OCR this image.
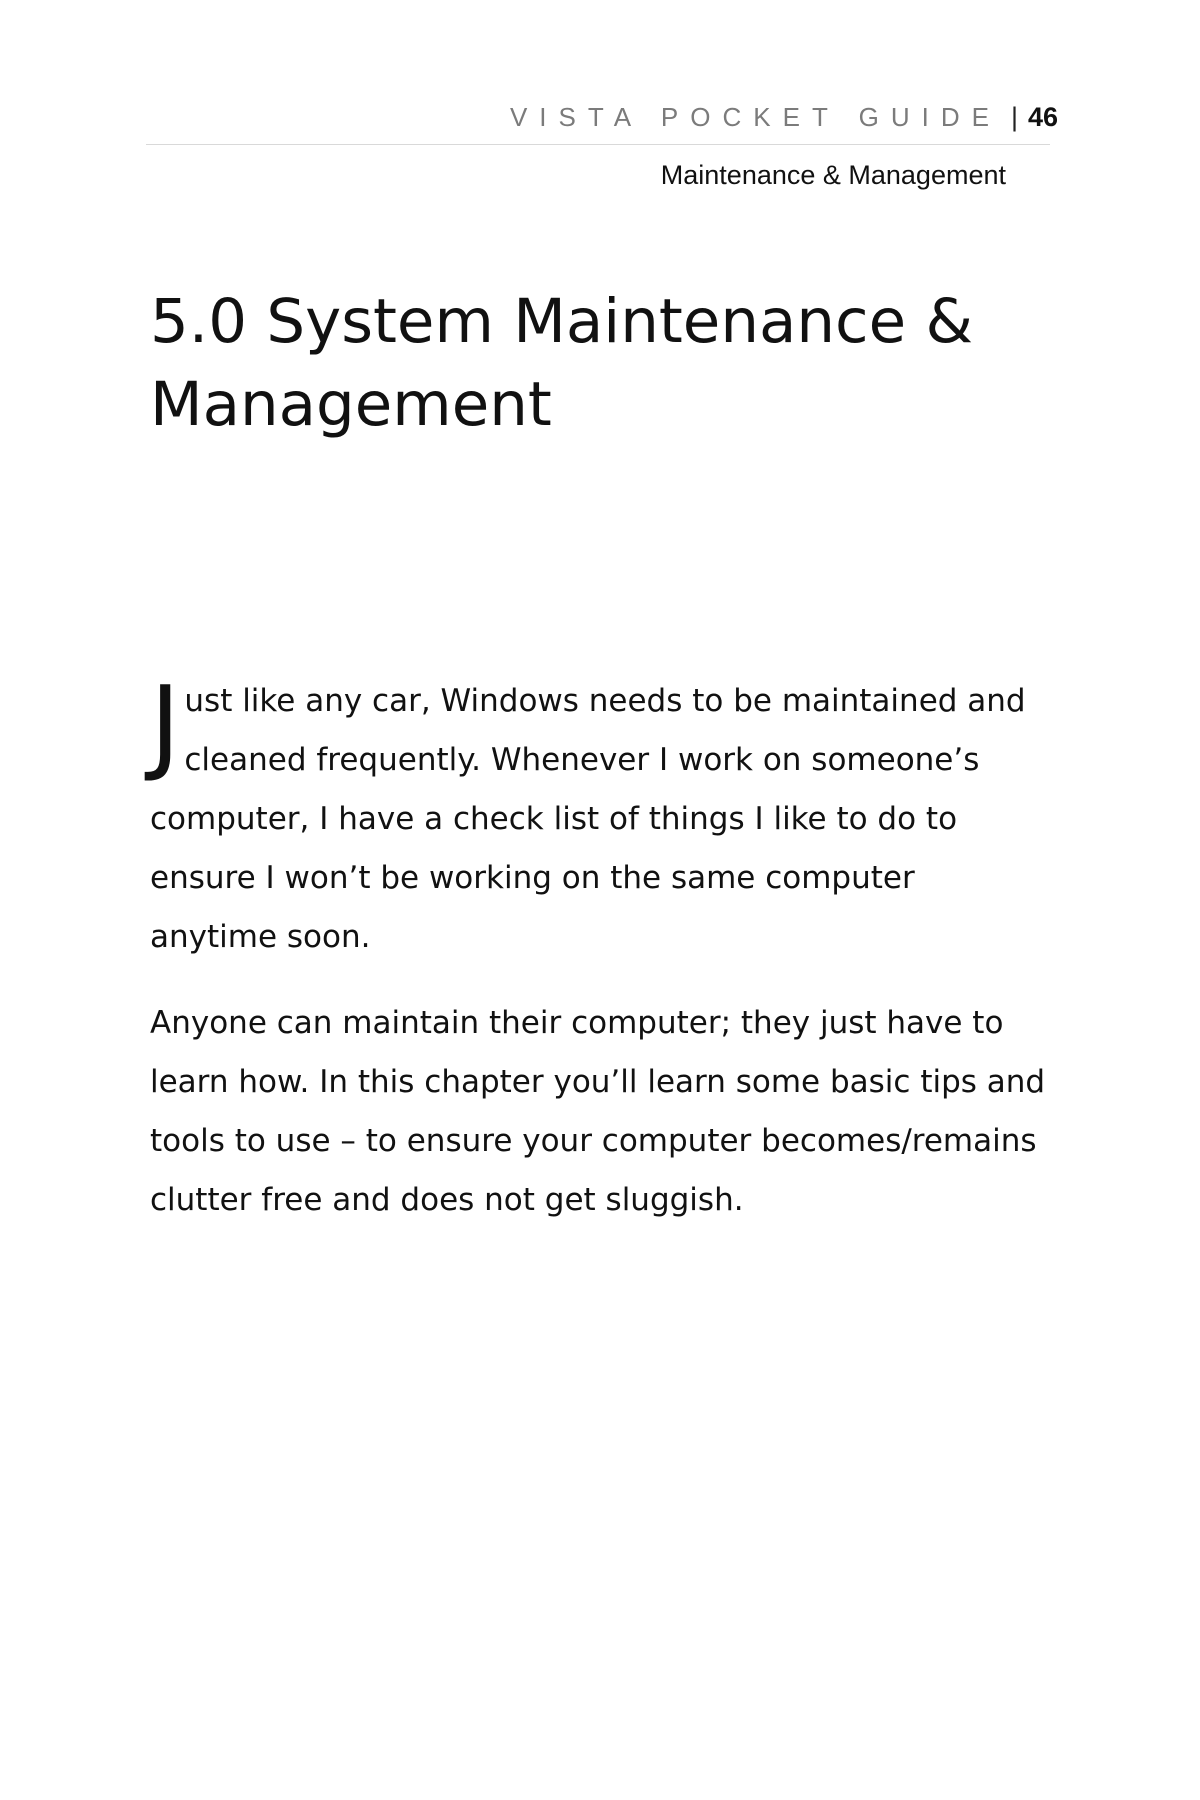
VISTA POCKET GUIDE | 46
Maintenance & Management
5.0 System Maintenance & Management

Just like any car, Windows needs to be maintained and cleaned frequently. Whenever I work on someone’s computer, I have a check list of things I like to do to ensure I won’t be working on the same computer anytime soon.

Anyone can maintain their computer; they just have to learn how. In this chapter you’ll learn some basic tips and tools to use – to ensure your computer becomes/remains clutter free and does not get sluggish.
